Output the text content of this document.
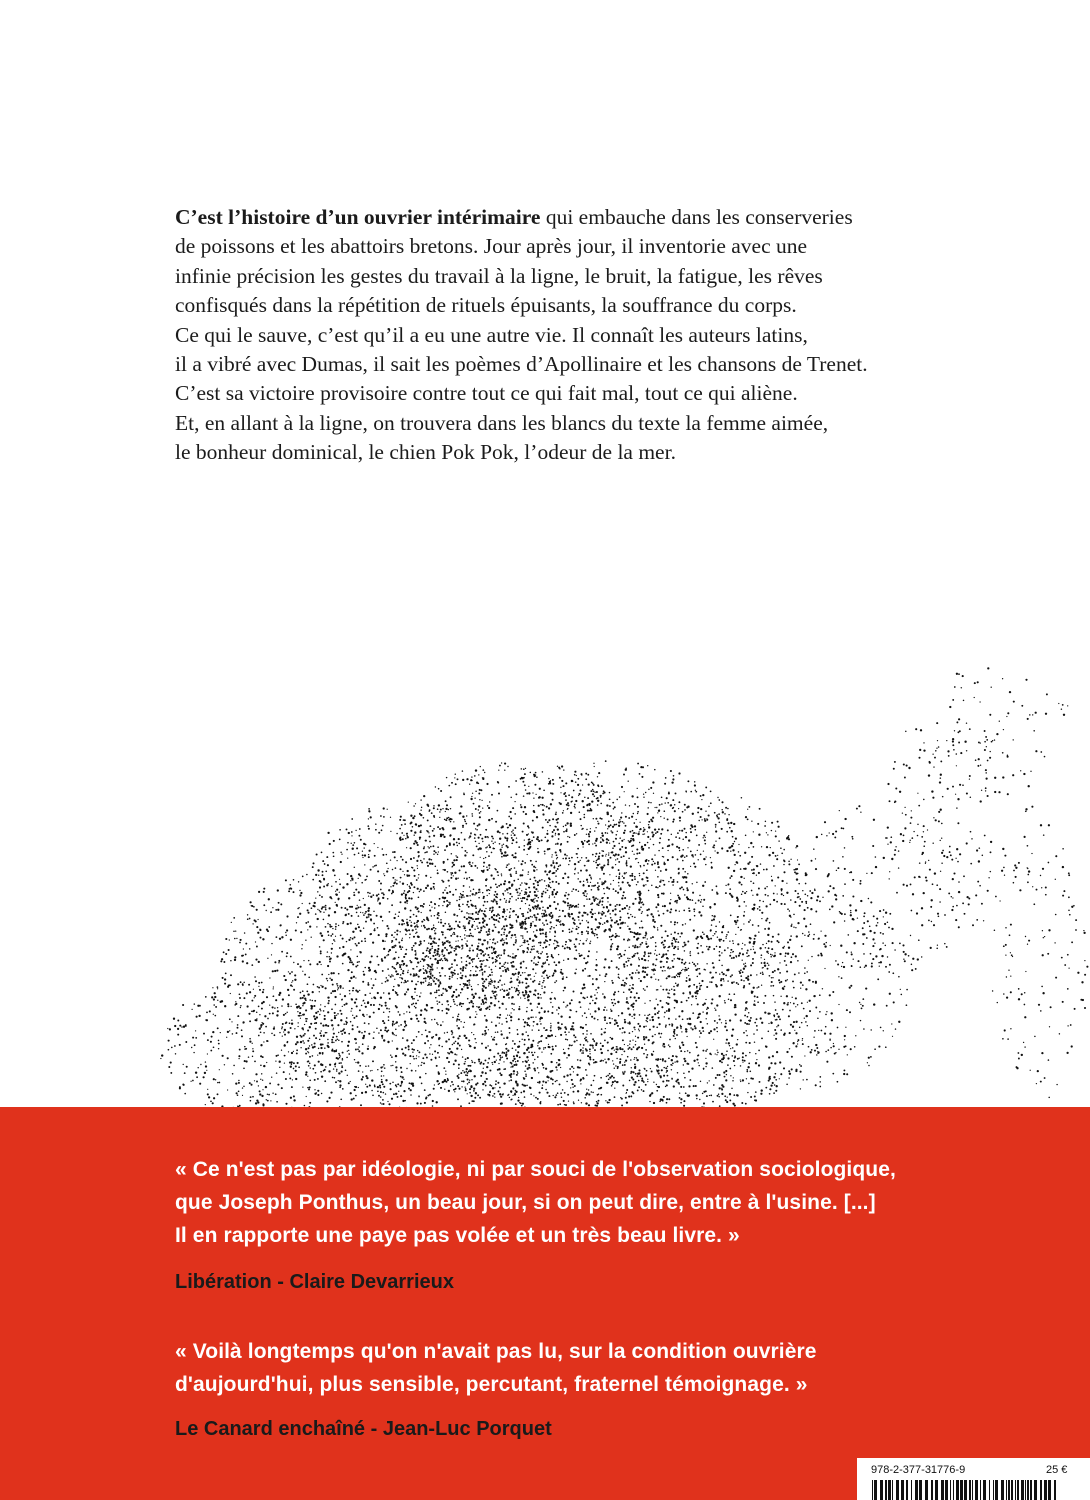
C’est l’histoire d’un ouvrier intérimaire qui embauche dans les conserveries
de poissons et les abattoirs bretons. Jour après jour, il inventorie avec une
infinie précision les gestes du travail à la ligne, le bruit, la fatigue, les rêves
confisqués dans la répétition de rituels épuisants, la souffrance du corps.
Ce qui le sauve, c’est qu’il a eu une autre vie. Il connaît les auteurs latins,
il a vibré avec Dumas, il sait les poèmes d’Apollinaire et les chansons de Trenet.
C’est sa victoire provisoire contre tout ce qui fait mal, tout ce qui aliène.
Et, en allant à la ligne, on trouvera dans les blancs du texte la femme aimée,
le bonheur dominical, le chien Pok Pok, l’odeur de la mer.
« Ce n'est pas par idéologie, ni par souci de l'observation sociologique,
que Joseph Ponthus, un beau jour, si on peut dire, entre à l'usine. [...]
Il en rapporte une paye pas volée et un très beau livre. »
Libération - Claire Devarrieux
« Voilà longtemps qu'on n'avait pas lu, sur la condition ouvrière
d'aujourd'hui, plus sensible, percutant, fraternel témoignage. »
Le Canard enchaîné - Jean-Luc Porquet
978-2-377-31776-9	25 €
